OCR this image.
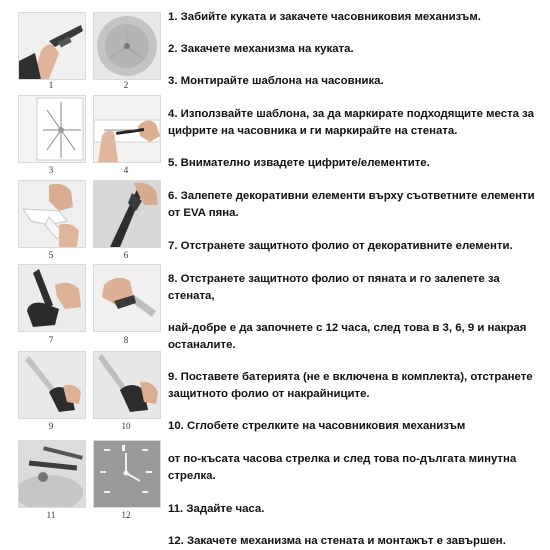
1	2
3	4
5	6
7	8
9	10
11	12
1. Забийте куката и закачете часовниковия механизъм.
2. Закачете механизма на куката.
3. Монтирайте шаблона на часовника.
4. Използвайте шаблона, за да маркирате подходящите места за цифрите на часовника и ги маркирайте на стената.
5. Внимателно извадете цифрите/елементите.
6. Залепете декоративни елементи върху съответните елементи от EVA пяна.
7. Отстранете защитното фолио от декоративните елементи.
8. Отстранете защитното фолио от пяната и го залепете за стената,
най-добре е да започнете с 12 часа, след това в 3, 6, 9 и накрая останалите.
9. Поставете батерията (не е включена в комплекта), отстранете защитното фолио от накрайниците.
10. Сглобете стрелките на часовниковия механизъм
от по-късата часова стрелка и след това по-дългата минутна стрелка.
11. Задайте часа.
12. Закачете механизма на стената и монтажът е завършен.
